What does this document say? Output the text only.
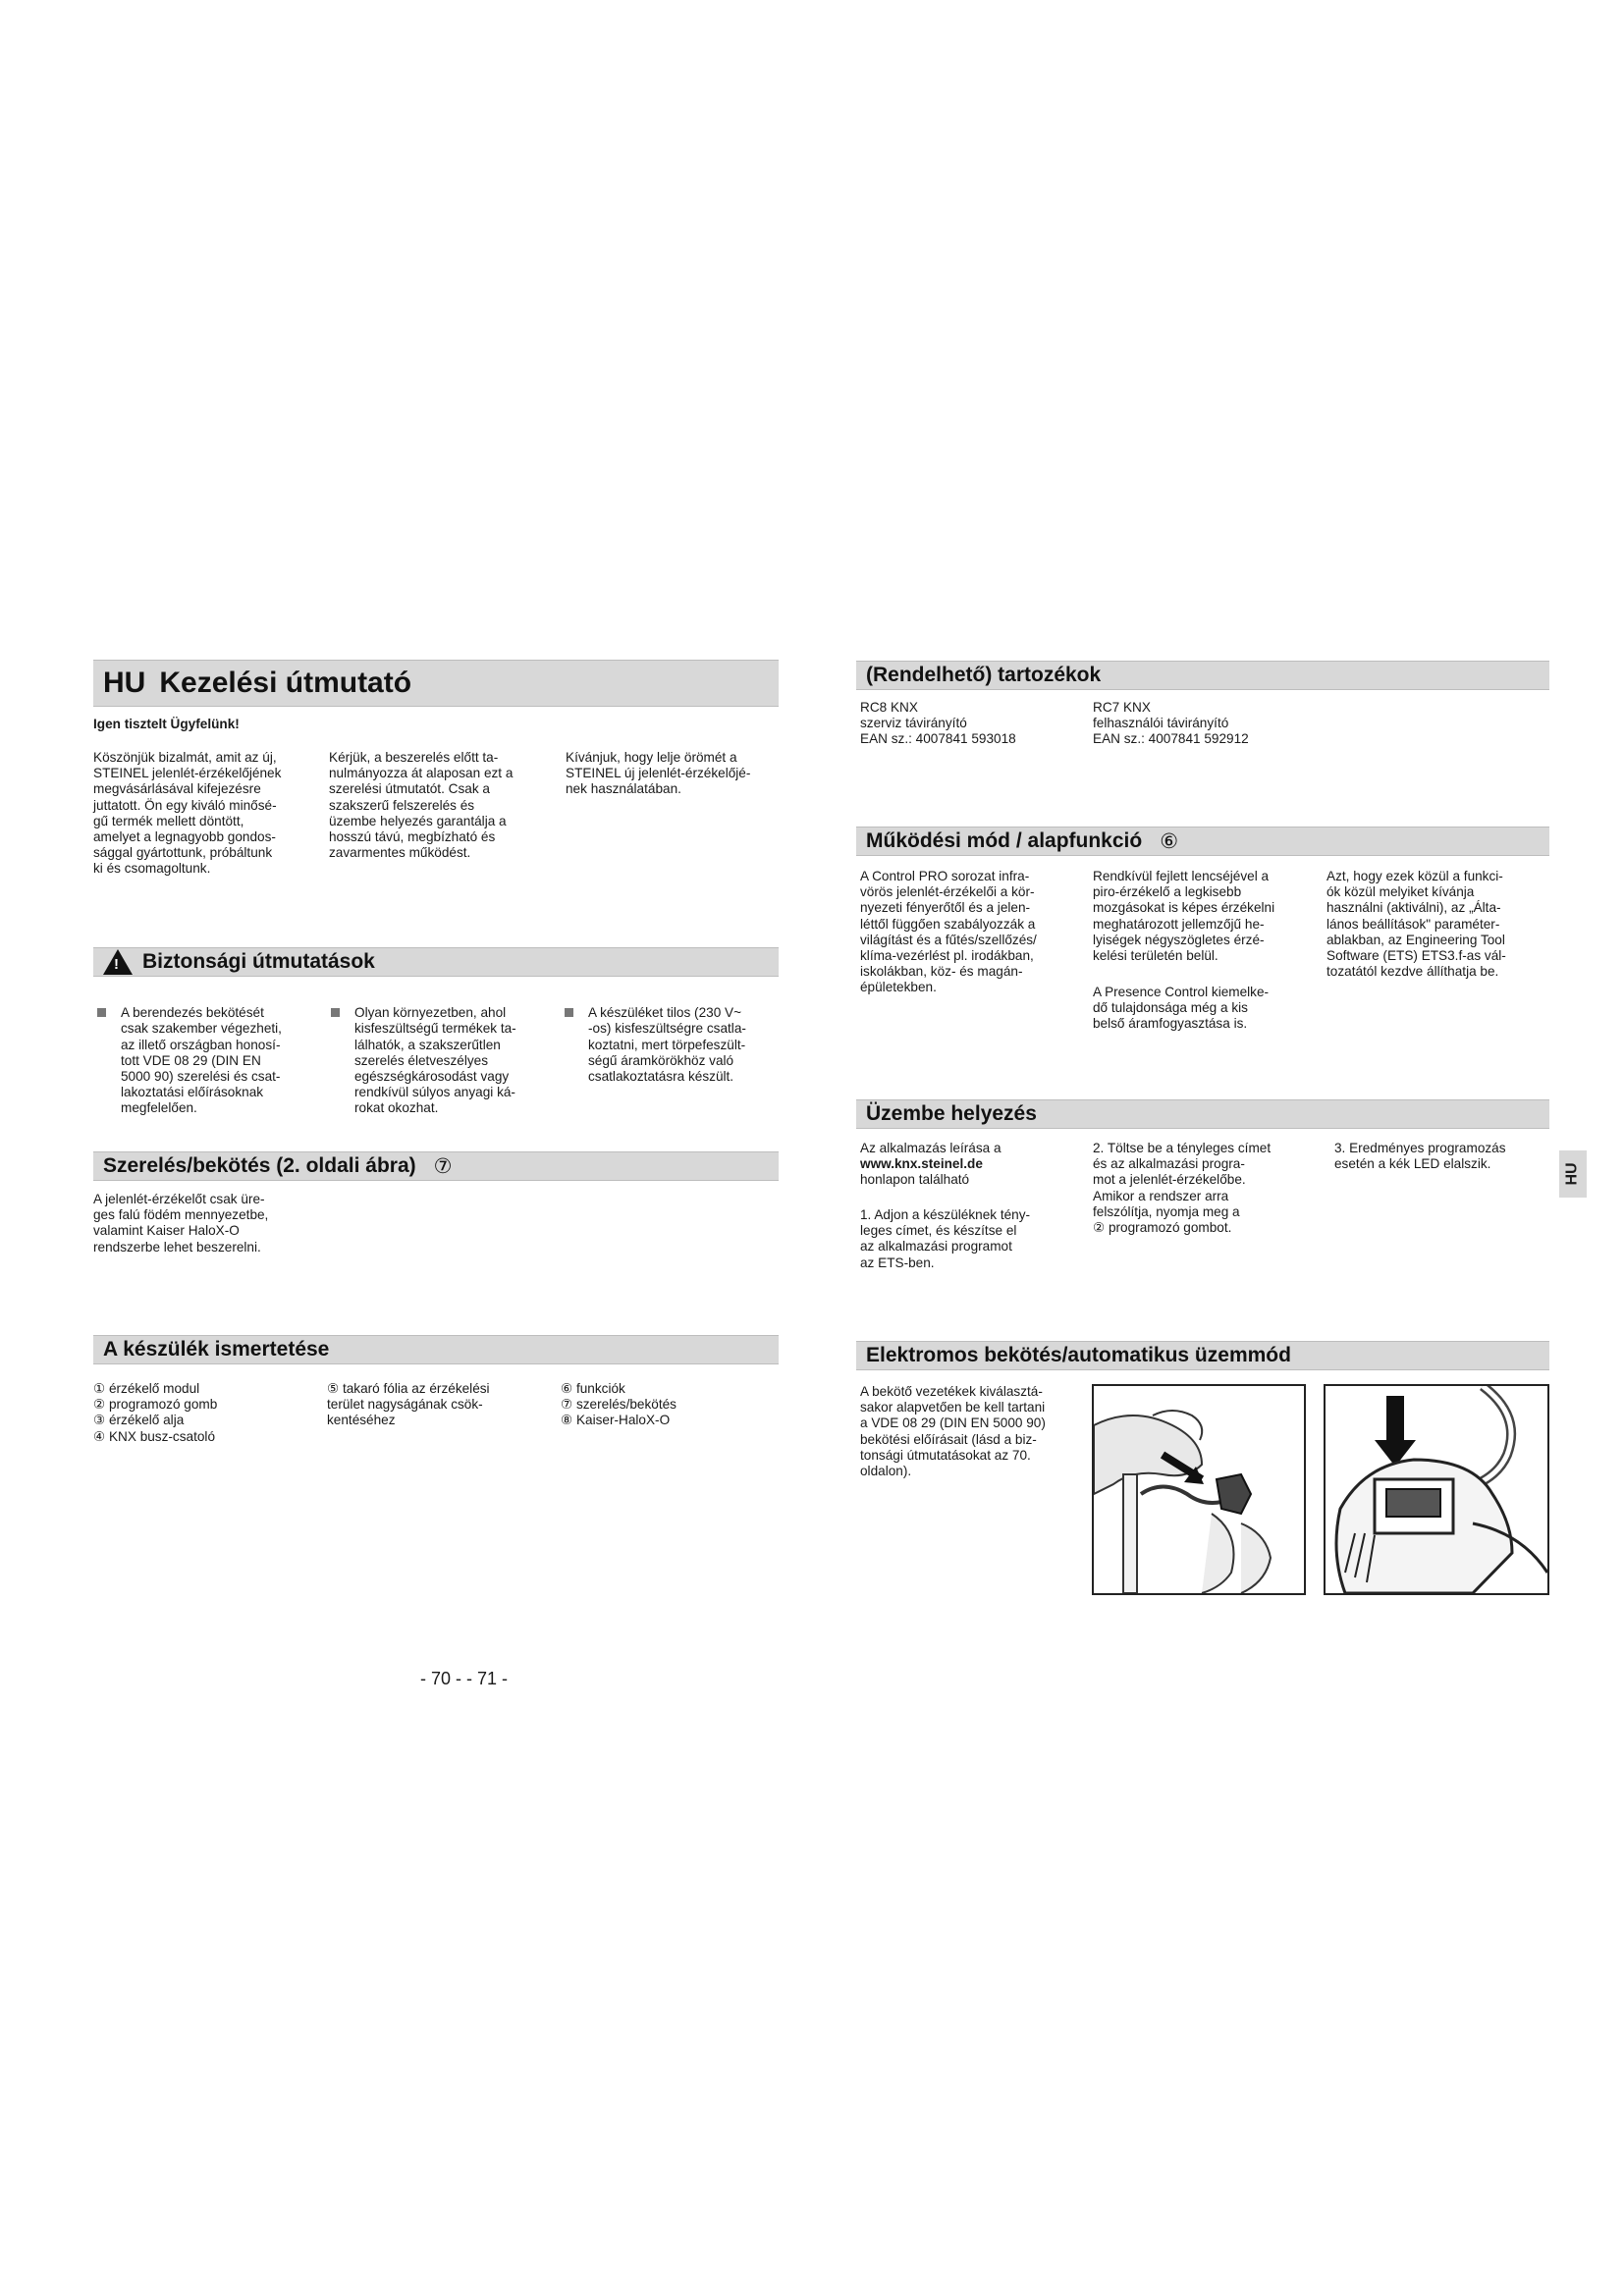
HU Kezelési útmutató
Igen tisztelt Ügyfelünk!
Köszönjük bizalmát, amit az új,
STEINEL jelenlét-érzékelőjének
megvásárlásával kifejezésre
juttatott. Ön egy kiváló minősé-
gű termék mellett döntött,
amelyet a legnagyobb gondos-
sággal gyártottunk, próbáltunk
ki és csomagoltunk.
Kérjük, a beszerelés előtt ta-
nulmányozza át alaposan ezt a
szerelési útmutatót. Csak a
szakszerű felszerelés és
üzembe helyezés garantálja a
hosszú távú, megbízható és
zavarmentes működést.
Kívánjuk, hogy lelje örömét a
STEINEL új jelenlét-érzékelőjé-
nek használatában.
!
Biztonsági útmutatások

A berendezés bekötését
csak szakember végezheti,
az illető országban honosí-
tott VDE 08 29 (DIN EN
5000 90) szerelési és csat-
lakoztatási előírásoknak
megfelelően.

Olyan környezetben, ahol
kisfeszültségű termékek ta-
lálhatók, a szakszerűtlen
szerelés életveszélyes
egészségkárosodást vagy
rendkívül súlyos anyagi ká-
rokat okozhat.

A készüléket tilos (230 V~
-os) kisfeszültségre csatla-
koztatni, mert törpefeszült-
ségű áramkörökhöz való
csatlakoztatásra készült.

Szerelés/bekötés (2. oldali ábra) ⑦
A jelenlét-érzékelőt csak üre-
ges falú födém mennyezetbe,
valamint Kaiser HaloX-O
rendszerbe lehet beszerelni.
A készülék ismertetése
① érzékelő modul
② programozó gomb
③ érzékelő alja
④ KNX busz-csatoló
⑤ takaró fólia az érzékelési
terület nagyságának csök-
kentéséhez
⑥ funkciók
⑦ szerelés/bekötés
⑧ Kaiser-HaloX-O
- 70 - - 71 -
(Rendelhető) tartozékok
RC8 KNX
szerviz távirányító
EAN sz.: 4007841 593018
RC7 KNX
felhasználói távirányító
EAN sz.: 4007841 592912
Működési mód / alapfunkció ⑥
A Control PRO sorozat infra-
vörös jelenlét-érzékelői a kör-
nyezeti fényerőtől és a jelen-
léttől függően szabályozzák a
világítást és a fűtés/szellőzés/
klíma-vezérlést pl. irodákban,
iskolákban, köz- és magán-
épületekben.
Rendkívül fejlett lencséjével a
piro-érzékelő a legkisebb
mozgásokat is képes érzékelni
meghatározott jellemzőjű he-
lyiségek négyszögletes érzé-
kelési területén belül.
A Presence Control kiemelke-
dő tulajdonsága még a kis
belső áramfogyasztása is.
Azt, hogy ezek közül a funkci-
ók közül melyiket kívánja
használni (aktiválni), az „Álta-
lános beállítások" paraméter-
ablakban, az Engineering Tool
Software (ETS) ETS3.f-as vál-
tozatától kezdve állíthatja be.
Üzembe helyezés
Az alkalmazás leírása a
www.knx.steinel.de
honlapon található
1. Adjon a készüléknek tény-
leges címet, és készítse el
az alkalmazási programot
az ETS-ben.
2. Töltse be a tényleges címet
és az alkalmazási progra-
mot a jelenlét-érzékelőbe.
Amikor a rendszer arra
felszólítja, nyomja meg a
② programozó gombot.
3. Eredményes programozás
esetén a kék LED elalszik.	HU
Elektromos bekötés/automatikus üzemmód
A bekötő vezetékek kiválasztá-
sakor alapvetően be kell tartani
a VDE 08 29 (DIN EN 5000 90)
bekötési előírásait (lásd a biz-
tonsági útmutatásokat az 70.
oldalon).
